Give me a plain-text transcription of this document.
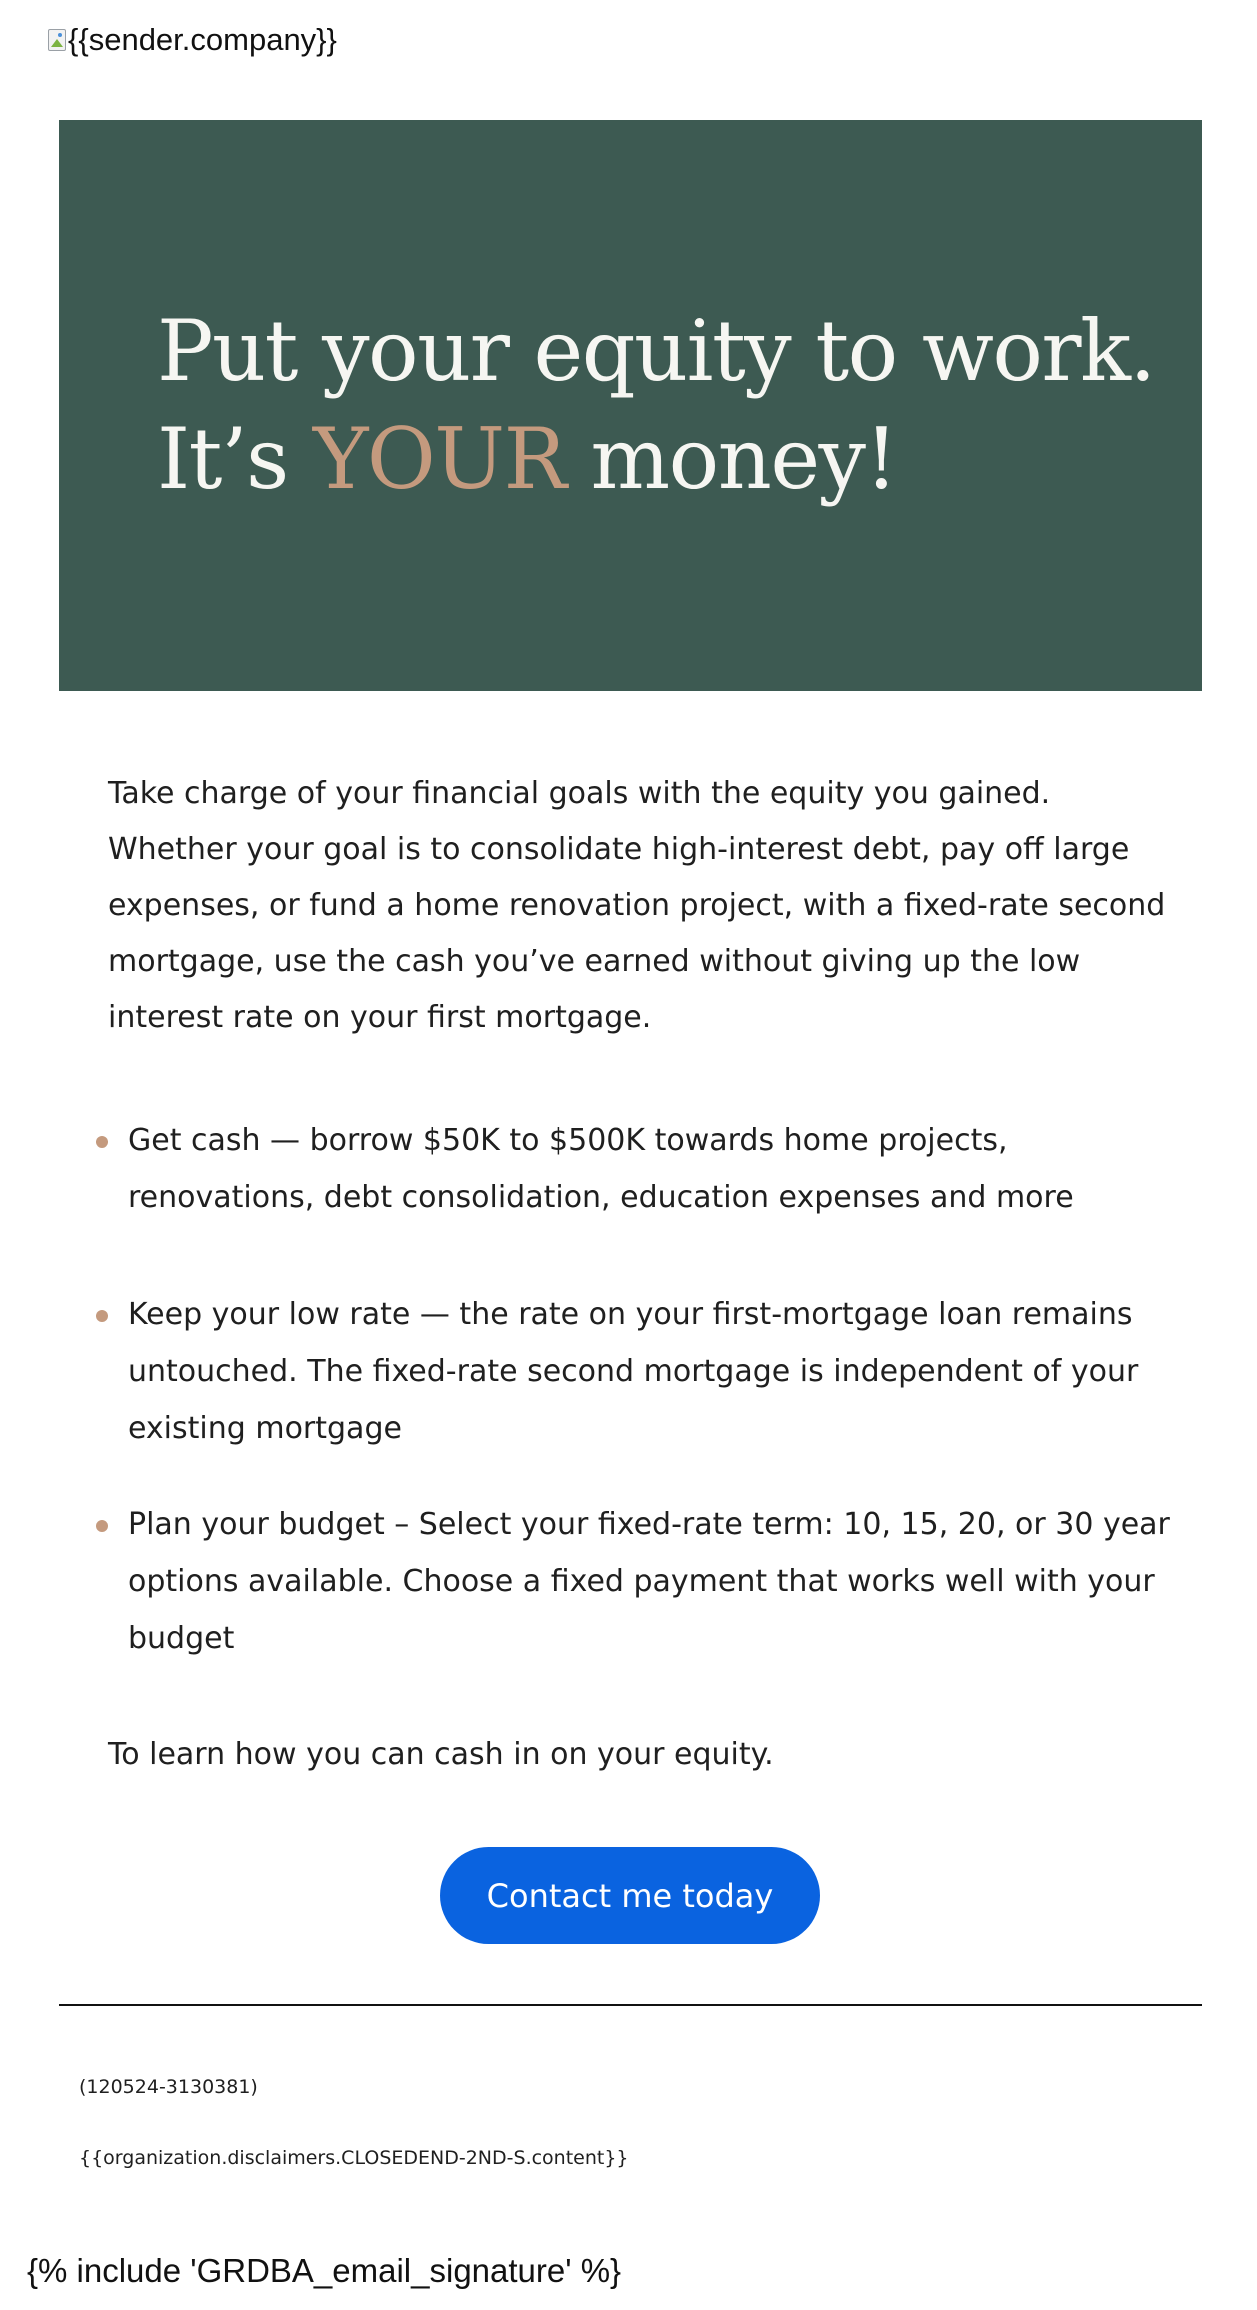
{{sender.company}}
Put your equity to work.
It’s YOUR money!

Take charge of your financial goals with the equity you gained. Whether your goal is to consolidate high-interest debt, pay off large expenses, or fund a home renovation project, with a fixed-rate second mortgage, use the cash you’ve earned without giving up the low interest rate on your first mortgage.

Get cash — borrow $50K to $500K towards home projects, renovations, debt consolidation, education expenses and more
Keep your low rate — the rate on your first-mortgage loan remains untouched. The fixed-rate second mortgage is independent of your existing mortgage
Plan your budget – Select your fixed-rate term: 10, 15, 20, or 30 year options available. Choose a fixed payment that works well with your budget

To learn how you can cash in on your equity.

Contact me today
(120524-3130381)
{{organization.disclaimers.CLOSEDEND-2ND-S.content}}
{% include 'GRDBA_email_signature' %}
